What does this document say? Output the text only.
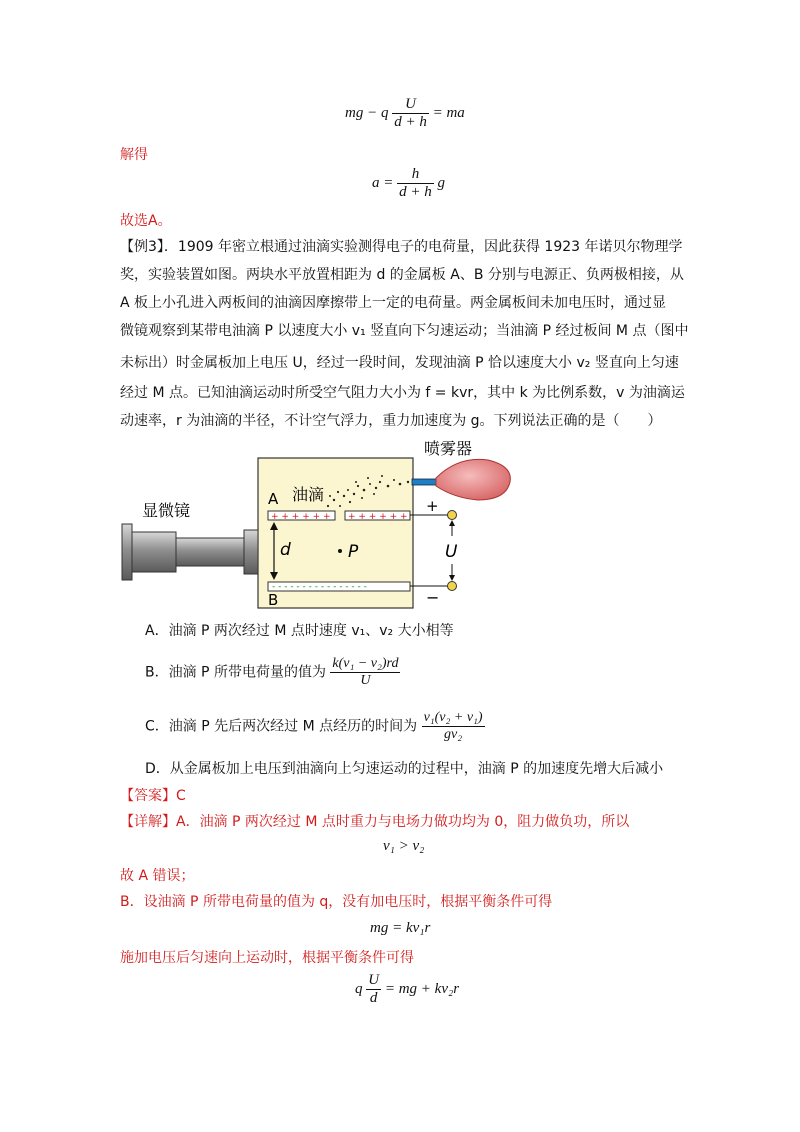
mg − q $\frac{U}{d + h}$ = ma
解得
$a = \frac{h}{d + h}$ g
故选A。
【例3】．1909 年密立根通过油滴实验测得电子的电荷量，因此获得 1923 年诺贝尔物理学
奖，实验装置如图。两块水平放置相距为 d 的金属板 A、B 分别与电源正、负两极相接，从
A 板上小孔进入两板间的油滴因摩擦带上一定的电荷量。两金属板间未加电压时，通过显
微镜观察到某带电油滴 P 以速度大小 v₁ 竖直向下匀速运动；当油滴 P 经过板间 M 点（图中
未标出）时金属板加上电压 U，经过一段时间，发现油滴 P 恰以速度大小 v₂ 竖直向上匀速
经过 M 点。已知油滴运动时所受空气阻力大小为 f = kvr，其中 k 为比例系数，v 为油滴运
动速率，r 为油滴的半径，不计空气浮力，重力加速度为 g。下列说法正确的是（　　）
显微镜
喷雾器
油滴
A
+ + + + + + + + + + + +
- - - - - - - - - - - - - - - -
B
d	P
+
−
U
A．油滴 P 两次经过 M 点时速度 v₁、v₂ 大小相等
B．油滴 P 所带电荷量的值为 $\frac{\text{k(v₁ − v₂)rd}}{U}$
C．油滴 P 先后两次经过 M 点经历的时间为 $\frac{\text{v₁(v₂ + v₁)}}{\text{gv₂}}$
D．从金属板加上电压到油滴向上匀速运动的过程中，油滴 P 的加速度先增大后减小
【答案】C
【详解】A．油滴 P 两次经过 M 点时重力与电场力做功均为 0，阻力做负功，所以
v₁ > v₂
故 A 错误；
B．设油滴 P 所带电荷量的值为 q，没有加电压时，根据平衡条件可得
mg = kv₁r
施加电压后匀速向上运动时，根据平衡条件可得
q $\frac{U}{d}$ = mg + kv₂r
